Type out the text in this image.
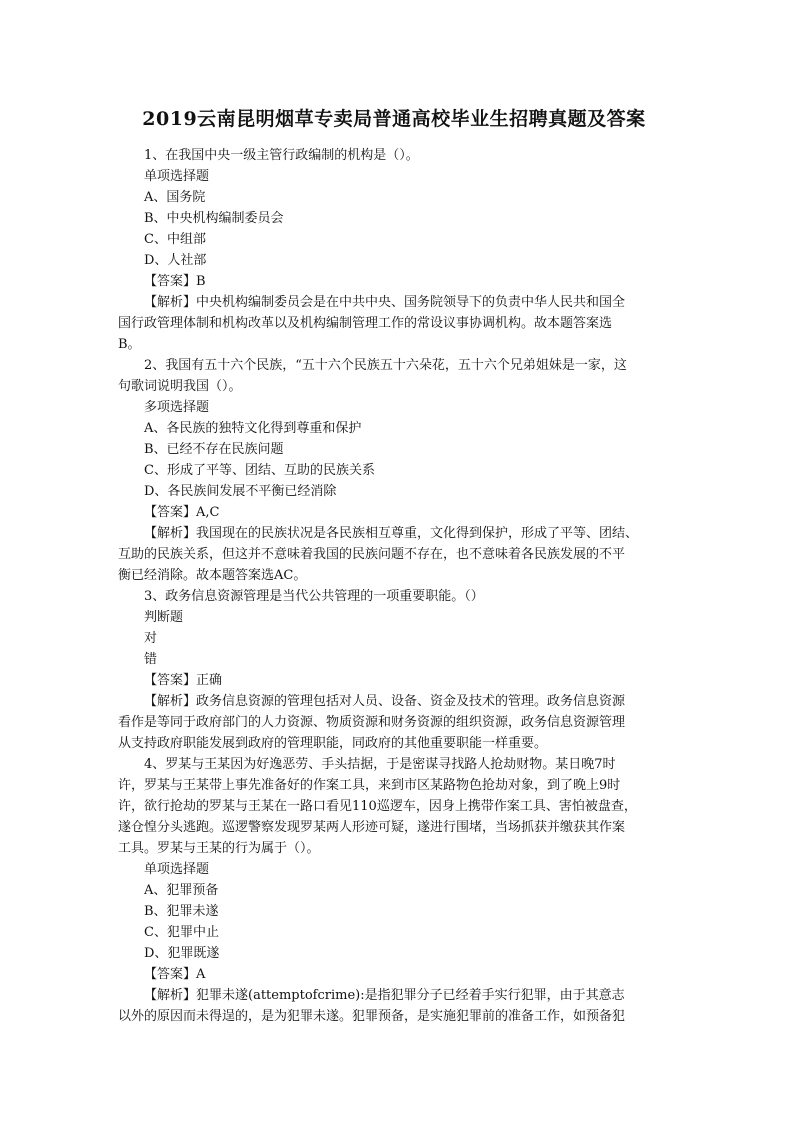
2019云南昆明烟草专卖局普通高校毕业生招聘真题及答案
1、在我国中央一级主管行政编制的机构是（）。
单项选择题
A、国务院
B、中央机构编制委员会
C、中组部
D、人社部
【答案】B
【解析】中央机构编制委员会是在中共中央、国务院领导下的负责中华人民共和国全
国行政管理体制和机构改革以及机构编制管理工作的常设议事协调机构。故本题答案选
B。
2、我国有五十六个民族，“五十六个民族五十六朵花，五十六个兄弟姐妹是一家，这
句歌词说明我国（）。
多项选择题
A、各民族的独特文化得到尊重和保护
B、已经不存在民族问题
C、形成了平等、团结、互助的民族关系
D、各民族间发展不平衡已经消除
【答案】A,C
【解析】我国现在的民族状况是各民族相互尊重，文化得到保护，形成了平等、团结、
互助的民族关系，但这并不意味着我国的民族问题不存在，也不意味着各民族发展的不平
衡已经消除。故本题答案选AC。
3、政务信息资源管理是当代公共管理的一项重要职能。（）
判断题
对
错
【答案】正确
【解析】政务信息资源的管理包括对人员、设备、资金及技术的管理。政务信息资源
看作是等同于政府部门的人力资源、物质资源和财务资源的组织资源，政务信息资源管理
从支持政府职能发展到政府的管理职能，同政府的其他重要职能一样重要。
4、罗某与王某因为好逸恶劳、手头拮据，于是密谋寻找路人抢劫财物。某日晚7时
许，罗某与王某带上事先准备好的作案工具，来到市区某路物色抢劫对象，到了晚上9时
许，欲行抢劫的罗某与王某在一路口看见110巡逻车，因身上携带作案工具、害怕被盘查，
遂仓惶分头逃跑。巡逻警察发现罗某两人形迹可疑，遂进行围堵，当场抓获并缴获其作案
工具。罗某与王某的行为属于（）。
单项选择题
A、犯罪预备
B、犯罪未遂
C、犯罪中止
D、犯罪既遂
【答案】A
【解析】犯罪未遂(attemptofcrime):是指犯罪分子已经着手实行犯罪，由于其意志
以外的原因而未得逞的，是为犯罪未遂。犯罪预备，是实施犯罪前的准备工作，如预备犯
